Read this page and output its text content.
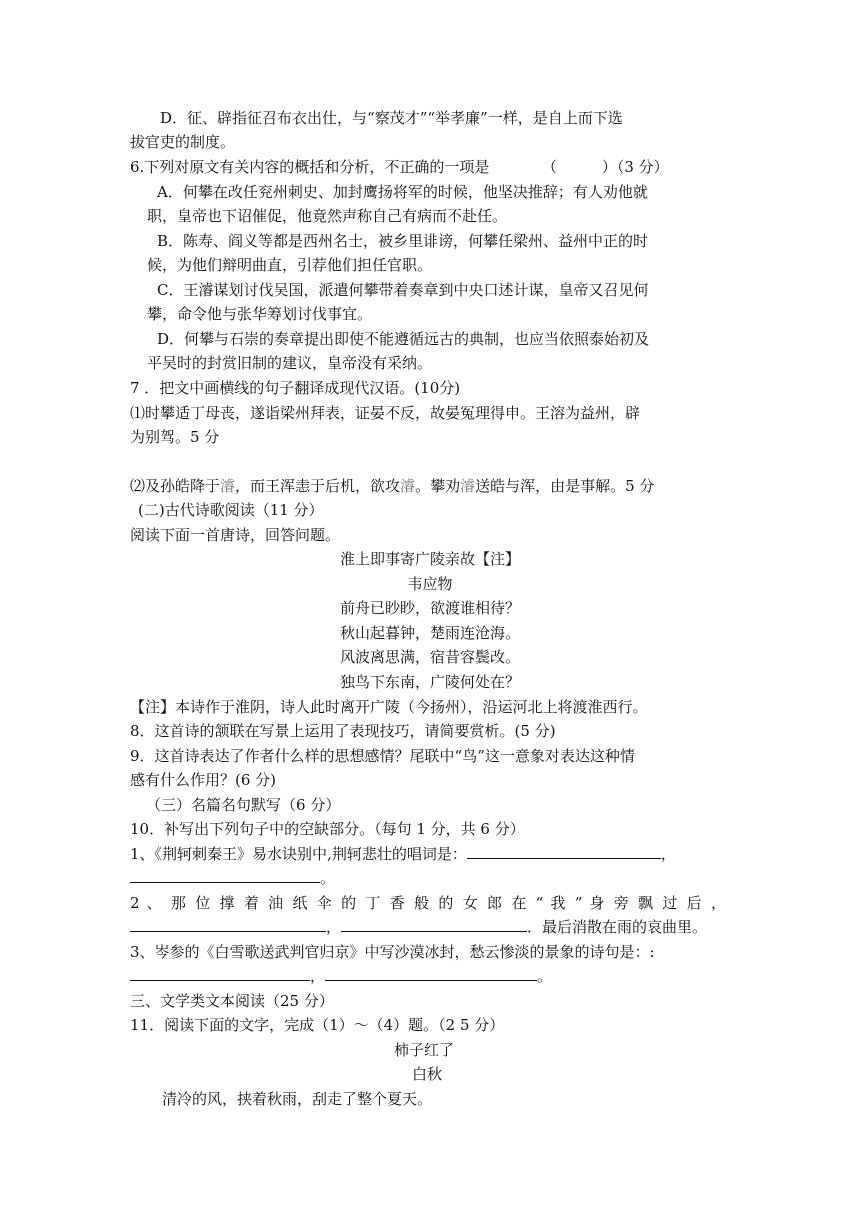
D．征、辟指征召布衣出仕，与“察茂才”“举孝廉”一样，是自上而下选
拔官吏的制度。
6.下列对原文有关内容的概括和分析，不正确的一项是　　　　（　　　）（3 分）
A．何攀在改任兖州刺史、加封鹰扬将军的时候，他坚决推辞；有人劝他就
职，皇帝也下诏催促，他竟然声称自己有病而不赴任。
B．陈寿、阎义等都是西州名士，被乡里诽谤，何攀任梁州、益州中正的时
候，为他们辩明曲直，引荐他们担任官职。
C．王濬谋划讨伐吴国，派遣何攀带着奏章到中央口述计谋，皇帝又召见何
攀，命令他与张华筹划讨伐事宜。
D．何攀与石崇的奏章提出即使不能遵循远古的典制，也应当依照泰始初及
平吴时的封赏旧制的建议，皇帝没有采纳。
7 ．把文中画横线的句子翻译成现代汉语。(10分)
⑴时攀适丁母丧，遂诣梁州拜表，证晏不反，故晏冤理得申。王溶为益州，辟
为别驾。5 分
⑵及孙皓降于濬，而王浑恚于后机，欲攻濬。攀劝濬送皓与浑，由是事解。5 分
(二)古代诗歌阅读（11 分）
阅读下面一首唐诗，回答问题。
淮上即事寄广陵亲故【注】
韦应物
前舟已眇眇，欲渡谁相待？
秋山起暮钟，楚雨连沧海。
风波离思满，宿昔容鬓改。
独鸟下东南，广陵何处在？
【注】本诗作于淮阴，诗人此时离开广陵（今扬州），沿运河北上将渡淮西行。
8．这首诗的颔联在写景上运用了表现技巧，请简要赏析。(5 分)
9．这首诗表达了作者什么样的思想感情？尾联中“鸟”这一意象对表达这种情
感有什么作用？(6 分)
（三）名篇名句默写（6 分）
10．补写出下列句子中的空缺部分。（每句 1 分，共 6 分）
1、《荆轲刺秦王》易水诀别中,荆轲悲壮的唱词是：	，
。
2 、 那 位 撑 着 油 纸 伞 的 丁 香 般 的 女 郎 在 “ 我 ” 身 旁 飘 过 后 ，
，	．最后消散在雨的哀曲里。
3、岑参的《白雪歌送武判官归京》中写沙漠冰封，愁云惨淡的景象的诗句是：:
，	。
三、文学类文本阅读（25 分）
11．阅读下面的文字，完成（1）～（4）题。（2 5 分）
柿子红了
白秋
清冷的风，挟着秋雨，刮走了整个夏天。
